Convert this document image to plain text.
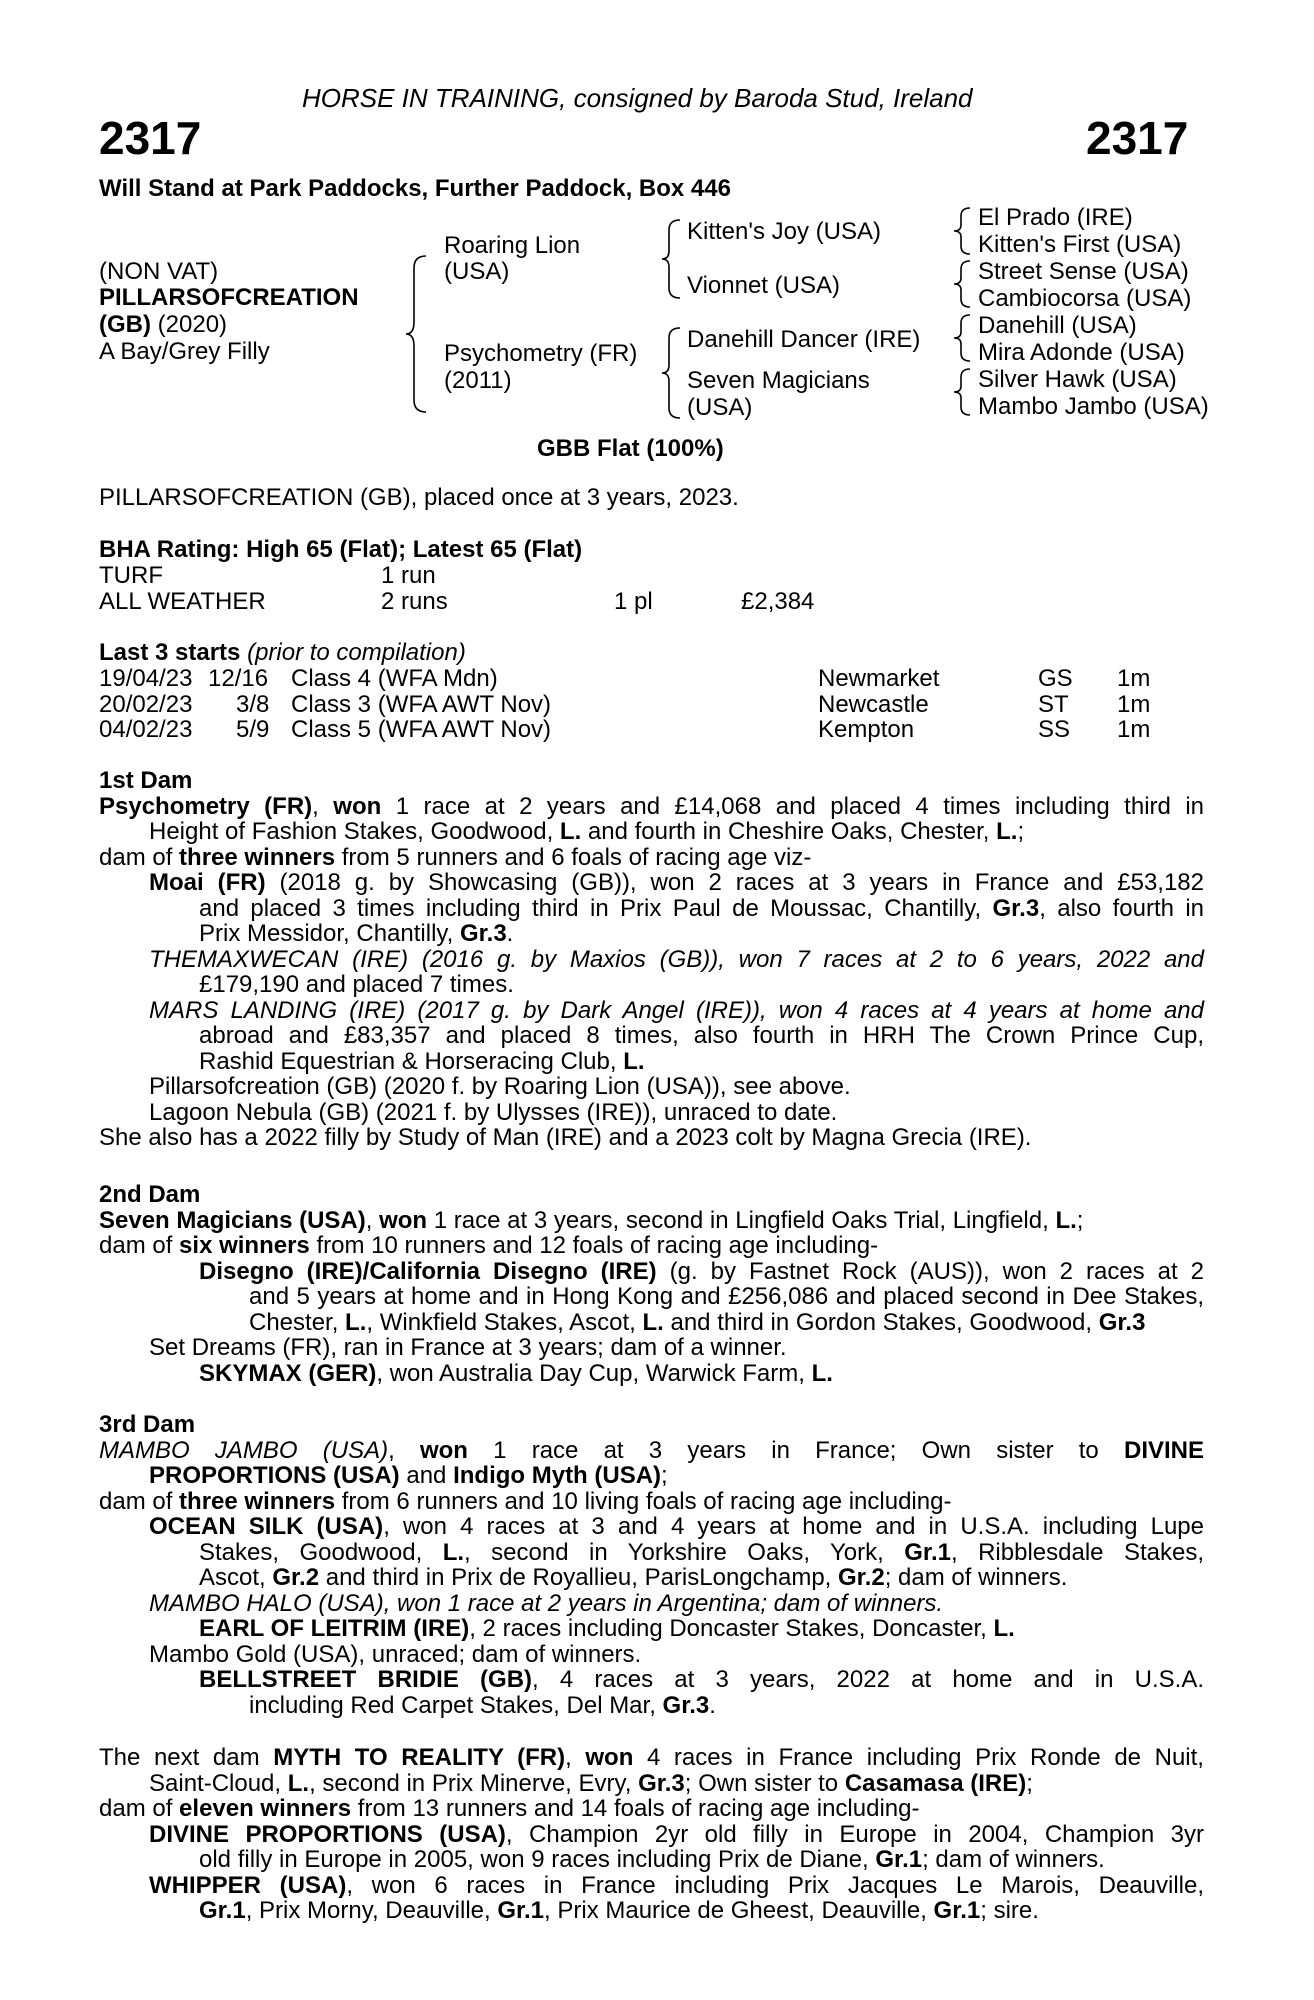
HORSE IN TRAINING, consigned by Baroda Stud, Ireland
2317	2317
Will Stand at Park Paddocks, Further Paddock, Box 446
(NON VAT)
PILLARSOFCREATION
(GB) (2020)
A Bay/Grey Filly
Roaring Lion
(USA)
Psychometry (FR)
(2011)
Kitten's Joy (USA)
Vionnet (USA)
Danehill Dancer (IRE)
Seven Magicians
(USA)
El Prado (IRE)
Kitten's First (USA)
Street Sense (USA)
Cambiocorsa (USA)
Danehill (USA)
Mira Adonde (USA)
Silver Hawk (USA)
Mambo Jambo (USA)
GBB Flat (100%)
PILLARSOFCREATION (GB), placed once at 3 years, 2023.
BHA Rating: High 65 (Flat); Latest 65 (Flat)
TURF	1 run
ALL WEATHER	2 runs	1 pl	£2,384
Last 3 starts (prior to compilation)
19/04/23 12/16 Class 4 (WFA Mdn)	Newmarket	GS 1m
20/02/23 3/8 Class 3 (WFA AWT Nov)	Newcastle	ST 1m
04/02/23 5/9 Class 5 (WFA AWT Nov)	Kempton	SS 1m
1st Dam
Psychometry (FR), won 1 race at 2 years and £14,068 and placed 4 times including third in
Height of Fashion Stakes, Goodwood, L. and fourth in Cheshire Oaks, Chester, L.;
dam of three winners from 5 runners and 6 foals of racing age viz-
Moai (FR) (2018 g. by Showcasing (GB)), won 2 races at 3 years in France and £53,182
and placed 3 times including third in Prix Paul de Moussac, Chantilly, Gr.3, also fourth in
Prix Messidor, Chantilly, Gr.3.
THEMAXWECAN (IRE) (2016 g. by Maxios (GB)), won 7 races at 2 to 6 years, 2022 and
£179,190 and placed 7 times.
MARS LANDING (IRE) (2017 g. by Dark Angel (IRE)), won 4 races at 4 years at home and
abroad and £83,357 and placed 8 times, also fourth in HRH The Crown Prince Cup,
Rashid Equestrian & Horseracing Club, L.
Pillarsofcreation (GB) (2020 f. by Roaring Lion (USA)), see above.
Lagoon Nebula (GB) (2021 f. by Ulysses (IRE)), unraced to date.
She also has a 2022 filly by Study of Man (IRE) and a 2023 colt by Magna Grecia (IRE).
2nd Dam
Seven Magicians (USA), won 1 race at 3 years, second in Lingfield Oaks Trial, Lingfield, L.;
dam of six winners from 10 runners and 12 foals of racing age including-
Disegno (IRE)/California Disegno (IRE) (g. by Fastnet Rock (AUS)), won 2 races at 2
and 5 years at home and in Hong Kong and £256,086 and placed second in Dee Stakes,
Chester, L., Winkfield Stakes, Ascot, L. and third in Gordon Stakes, Goodwood, Gr.3
Set Dreams (FR), ran in France at 3 years; dam of a winner.
SKYMAX (GER), won Australia Day Cup, Warwick Farm, L.
3rd Dam
MAMBO JAMBO (USA), won 1 race at 3 years in France; Own sister to DIVINE
PROPORTIONS (USA) and Indigo Myth (USA);
dam of three winners from 6 runners and 10 living foals of racing age including-
OCEAN SILK (USA), won 4 races at 3 and 4 years at home and in U.S.A. including Lupe
Stakes, Goodwood, L., second in Yorkshire Oaks, York, Gr.1, Ribblesdale Stakes,
Ascot, Gr.2 and third in Prix de Royallieu, ParisLongchamp, Gr.2; dam of winners.
MAMBO HALO (USA), won 1 race at 2 years in Argentina; dam of winners.
EARL OF LEITRIM (IRE), 2 races including Doncaster Stakes, Doncaster, L.
Mambo Gold (USA), unraced; dam of winners.
BELLSTREET BRIDIE (GB), 4 races at 3 years, 2022 at home and in U.S.A.
including Red Carpet Stakes, Del Mar, Gr.3.
The next dam MYTH TO REALITY (FR), won 4 races in France including Prix Ronde de Nuit,
Saint-Cloud, L., second in Prix Minerve, Evry, Gr.3; Own sister to Casamasa (IRE);
dam of eleven winners from 13 runners and 14 foals of racing age including-
DIVINE PROPORTIONS (USA), Champion 2yr old filly in Europe in 2004, Champion 3yr
old filly in Europe in 2005, won 9 races including Prix de Diane, Gr.1; dam of winners.
WHIPPER (USA), won 6 races in France including Prix Jacques Le Marois, Deauville,
Gr.1, Prix Morny, Deauville, Gr.1, Prix Maurice de Gheest, Deauville, Gr.1; sire.
